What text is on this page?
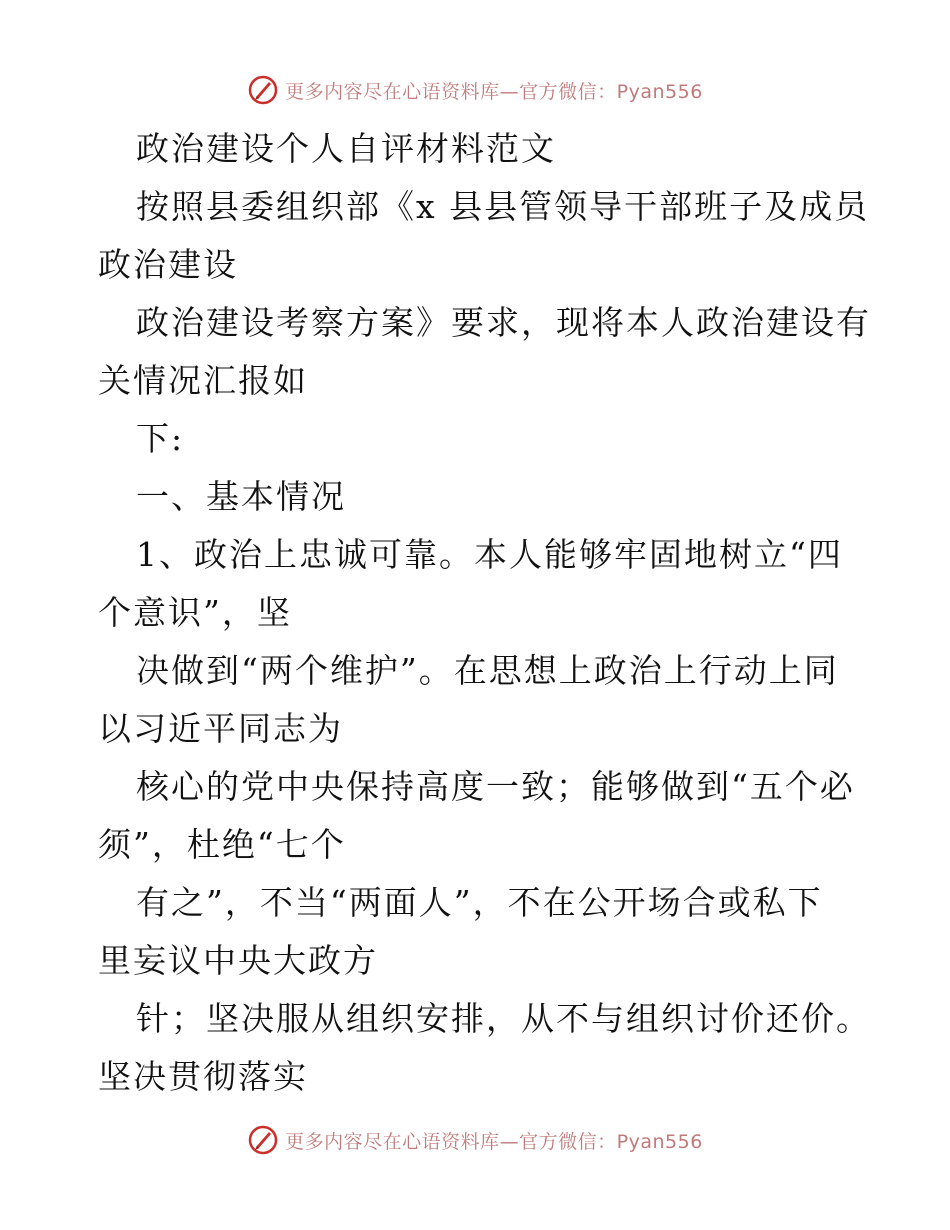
更多内容尽在心语资料库—官方微信：Pyan556
政治建设个人自评材料范文
按照县委组织部《x 县县管领导干部班子及成员
政治建设
政治建设考察方案》要求，现将本人政治建设有
关情况汇报如
下:
一、基本情况
1、政治上忠诚可靠。本人能够牢固地树立“四
个意识”，坚
决做到“两个维护”。在思想上政治上行动上同
以习近平同志为
核心的党中央保持高度一致；能够做到“五个必
须”，杜绝“七个
有之”，不当“两面人”，不在公开场合或私下
里妄议中央大政方
针；坚决服从组织安排，从不与组织讨价还价。
坚决贯彻落实
更多内容尽在心语资料库—官方微信：Pyan556
